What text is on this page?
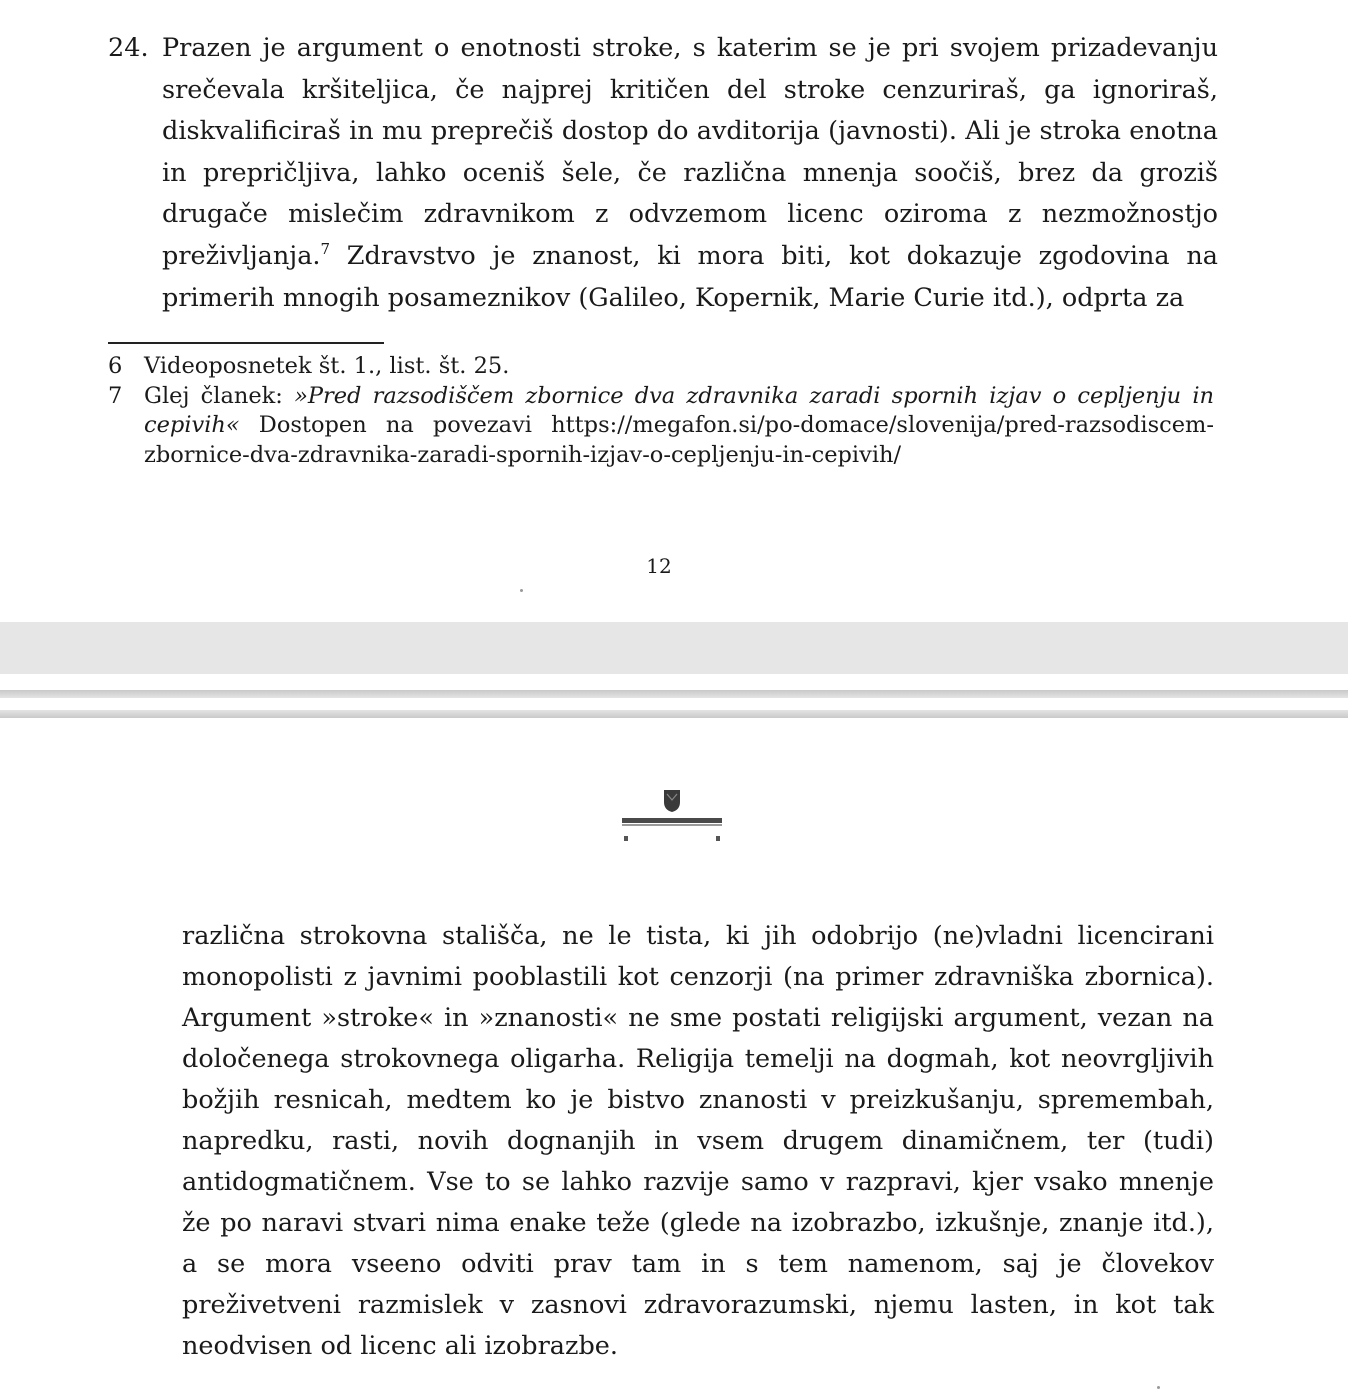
24. Prazen je argument o enotnosti stroke, s katerim se je pri svojem prizadevanju srečevala kršiteljica, če najprej kritičen del stroke cenzuriraš, ga ignoriraš, diskvalificiraš in mu preprečiš dostop do avditorija (javnosti). Ali je stroka enotna in prepričljiva, lahko oceniš šele, če različna mnenja soočiš, brez da groziš drugače mislečim zdravnikom z odvzemom licenc oziroma z nezmožnostjo preživljanja.$^7$ Zdravstvo je znanost, ki mora biti, kot dokazuje zgodovina na primerih mnogih posameznikov (Galileo, Kopernik, Marie Curie itd.), odprta za
6 Videoposnetek št. 1., list. št. 25.
7 Glej članek: »Pred razsodiščem zbornice dva zdravnika zaradi spornih izjav o cepljenju in cepivih« Dostopen na povezavi https://megafon.si/po-domace/slovenija/pred-razsodiscem-zbornice-dva-zdravnika-zaradi-spornih-izjav-o-cepljenju-in-cepivih/
12
različna strokovna stališča, ne le tista, ki jih odobrijo (ne)vladni licencirani monopolisti z javnimi pooblastili kot cenzorji (na primer zdravniška zbornica). Argument »stroke« in »znanosti« ne sme postati religijski argument, vezan na določenega strokovnega oligarha. Religija temelji na dogmah, kot neovrgljivih božjih resnicah, medtem ko je bistvo znanosti v preizkušanju, spremembah, napredku, rasti, novih dognanjih in vsem drugem dinamičnem, ter (tudi) antidogmatičnem. Vse to se lahko razvije samo v razpravi, kjer vsako mnenje že po naravi stvari nima enake teže (glede na izobrazbo, izkušnje, znanje itd.), a se mora vseeno odviti prav tam in s tem namenom, saj je človekov preživetveni razmislek v zasnovi zdravorazumski, njemu lasten, in kot tak neodvisen od licenc ali izobrazbe.
